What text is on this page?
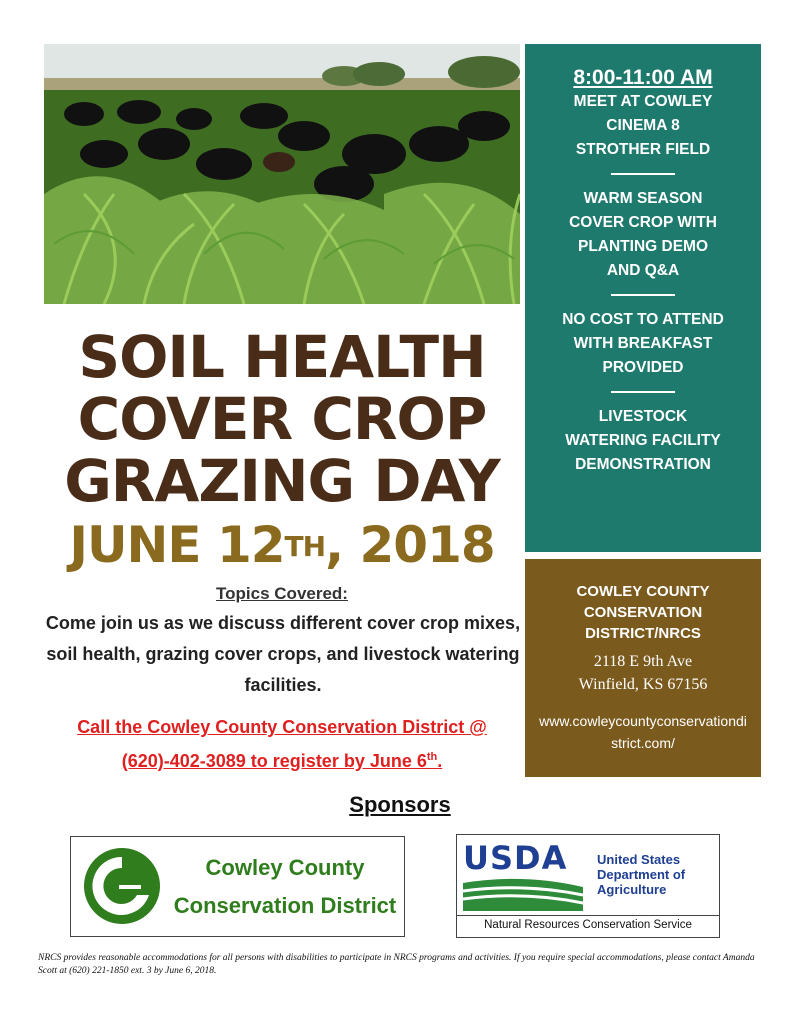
SOIL HEALTH
COVER CROP
GRAZING DAY
JUNE 12TH, 2018
Topics Covered:
Come join us as we discuss different cover crop mixes, soil health, grazing cover crops, and livestock watering facilities.
Call the Cowley County Conservation District @
(620)-402-3089 to register by June 6th.
8:00-11:00 AM
MEET AT COWLEY
CINEMA 8
STROTHER FIELD
WARM SEASON
COVER CROP WITH
PLANTING DEMO
AND Q&A
NO COST TO ATTEND
WITH BREAKFAST
PROVIDED
LIVESTOCK
WATERING FACILITY
DEMONSTRATION
COWLEY COUNTY
CONSERVATION
DISTRICT/NRCS
2118 E 9th Ave
Winfield, KS 67156
www.cowleycountyconservationdistrict.com/
Sponsors
Cowley County
Conservation District
USDA United States
Department of
Agriculture
Natural Resources Conservation Service
NRCS provides reasonable accommodations for all persons with disabilities to participate in NRCS programs and activities. If you require special accommodations, please contact Amanda Scott at (620) 221-1850 ext. 3 by June 6, 2018.
